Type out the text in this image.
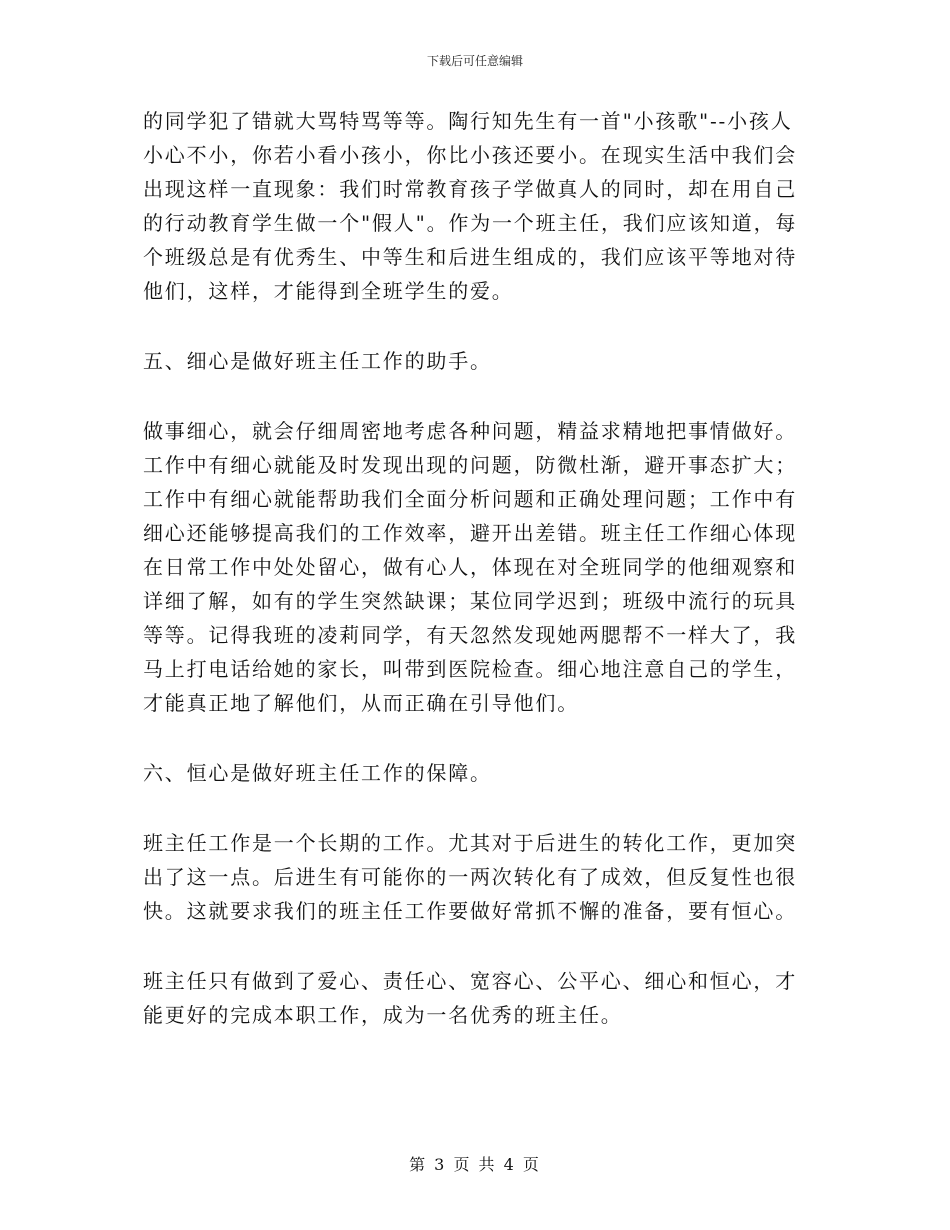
下载后可任意编辑

的同学犯了错就大骂特骂等等。陶行知先生有一首"小孩歌"--小孩人
小心不小，你若小看小孩小，你比小孩还要小。在现实生活中我们会
出现这样一直现象：我们时常教育孩子学做真人的同时，却在用自己
的行动教育学生做一个"假人"。作为一个班主任，我们应该知道，每
个班级总是有优秀生、中等生和后进生组成的，我们应该平等地对待
他们，这样，才能得到全班学生的爱。

五、细心是做好班主任工作的助手。

做事细心，就会仔细周密地考虑各种问题，精益求精地把事情做好。
工作中有细心就能及时发现出现的问题，防微杜渐，避开事态扩大；
工作中有细心就能帮助我们全面分析问题和正确处理问题；工作中有
细心还能够提高我们的工作效率，避开出差错。班主任工作细心体现
在日常工作中处处留心，做有心人，体现在对全班同学的他细观察和
详细了解，如有的学生突然缺课；某位同学迟到；班级中流行的玩具
等等。记得我班的凌莉同学，有天忽然发现她两腮帮不一样大了，我
马上打电话给她的家长，叫带到医院检查。细心地注意自己的学生，
才能真正地了解他们，从而正确在引导他们。

六、恒心是做好班主任工作的保障。

班主任工作是一个长期的工作。尤其对于后进生的转化工作，更加突
出了这一点。后进生有可能你的一两次转化有了成效，但反复性也很
快。这就要求我们的班主任工作要做好常抓不懈的准备，要有恒心。

班主任只有做到了爱心、责任心、宽容心、公平心、细心和恒心，才
能更好的完成本职工作，成为一名优秀的班主任。

第 3 页 共 4 页
